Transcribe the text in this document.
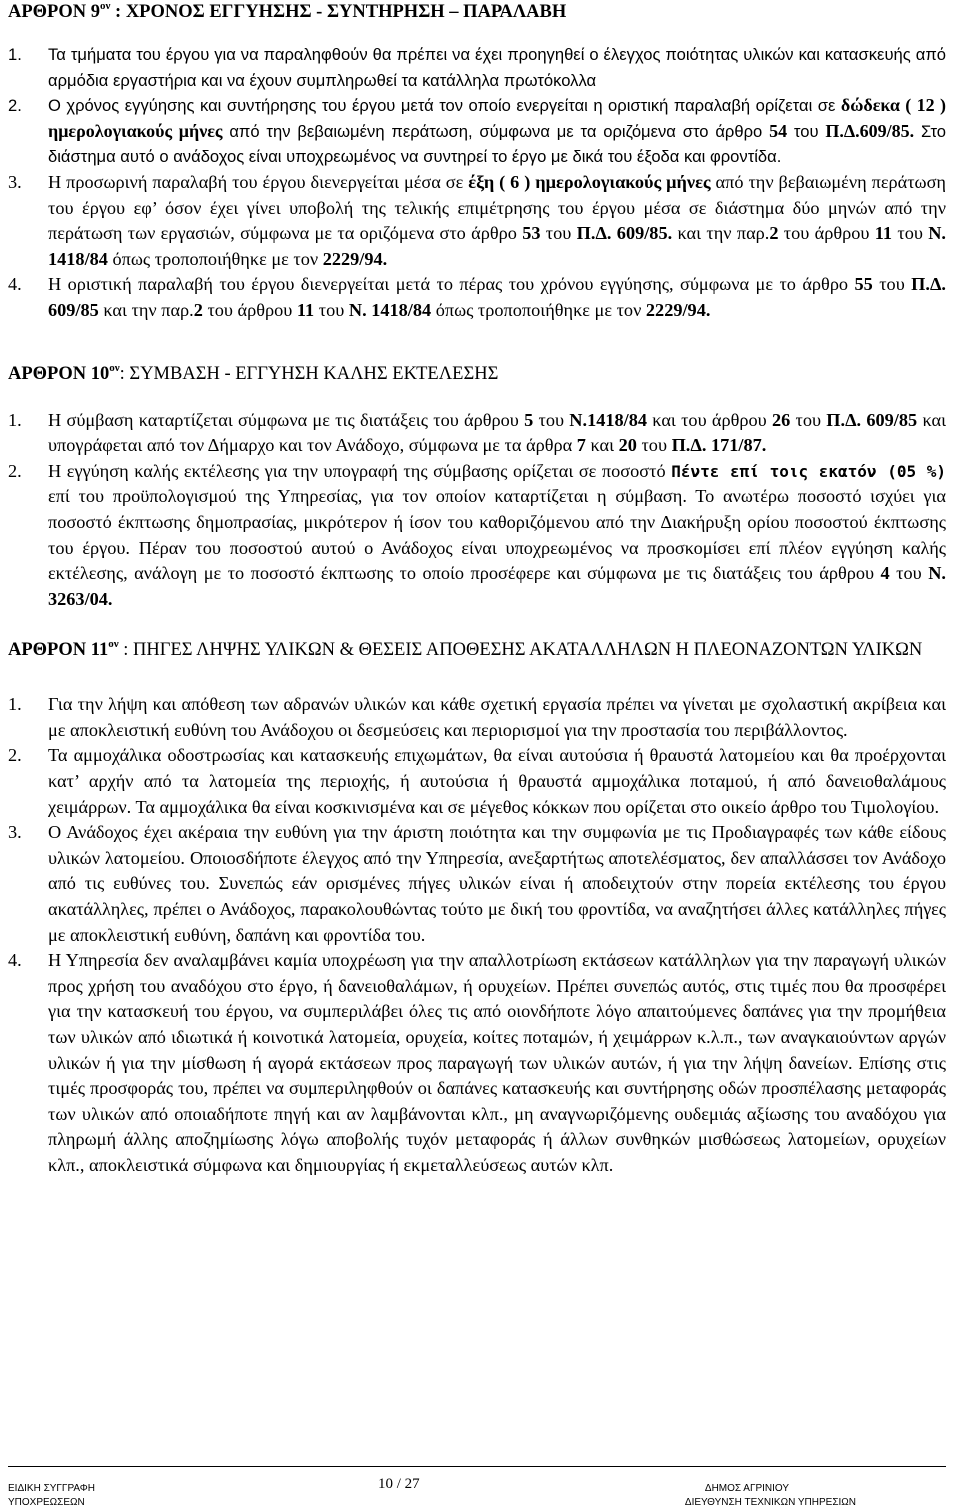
ΑΡΘΡΟΝ $9^{o\nu}$ : ΧΡΟΝΟΣ ΕΓΓΥΗΣΗΣ - ΣΥΝΤΗΡΗΣΗ – ΠΑΡΑΛΑΒΗ
1.	Τα τμήματα του έργου για να παραληφθούν θα πρέπει να έχει προηγηθεί ο έλεγχος ποιότητας υλικών και κατασκευής από αρμόδια εργαστήρια και να έχουν συμπληρωθεί τα κατάλληλα πρωτόκολλα
2.	Ο χρόνος εγγύησης και συντήρησης του έργου μετά τον οποίο ενεργείται η οριστική παραλαβή ορίζεται σε δώδεκα ( 12 ) ημερολογιακούς μήνες από την βεβαιωμένη περάτωση, σύμφωνα με τα οριζόμενα στο άρθρο 54 του Π.Δ.609/85. Στο διάστημα αυτό ο ανάδοχος είναι υποχρεωμένος να συντηρεί το έργο με δικά του έξοδα και φροντίδα.
3.	Η προσωρινή παραλαβή του έργου διενεργείται μέσα σε έξη ( 6 ) ημερολογιακούς μήνες από την βεβαιωμένη περάτωση του έργου εφ’ όσον έχει γίνει υποβολή της τελικής επιμέτρησης του έργου μέσα σε διάστημα δύο μηνών από την περάτωση των εργασιών, σύμφωνα με τα οριζόμενα στο άρθρο 53 του Π.Δ. 609/85. και την παρ.2 του άρθρου 11 του Ν. 1418/84 όπως τροποποιήθηκε με τον 2229/94.
4.	Η οριστική παραλαβή του έργου διενεργείται μετά το πέρας του χρόνου εγγύησης, σύμφωνα με το άρθρο 55 του Π.Δ. 609/85 και την παρ.2 του άρθρου 11 του Ν. 1418/84 όπως τροποποιήθηκε με τον 2229/94.
ΑΡΘΡΟΝ $10^{o\nu}$: ΣΥΜΒΑΣΗ - ΕΓΓΥΗΣΗ ΚΑΛΗΣ ΕΚΤΕΛΕΣΗΣ
1.	Η σύμβαση καταρτίζεται σύμφωνα με τις διατάξεις του άρθρου 5 του Ν.1418/84 και του άρθρου 26 του Π.Δ. 609/85 και υπογράφεται από τον Δήμαρχο και τον Ανάδοχο, σύμφωνα με τα άρθρα 7 και 20 του Π.Δ. 171/87.
2.	Η εγγύηση καλής εκτέλεσης για την υπογραφή της σύμβασης ορίζεται σε ποσοστό Πέντε επί τοις εκατόν (05 %) επί του προϋπολογισμού της Υπηρεσίας, για τον οποίον καταρτίζεται η σύμβαση. Το ανωτέρω ποσοστό ισχύει για ποσοστό έκπτωσης δημοπρασίας, μικρότερον ή ίσον του καθοριζόμενου από την Διακήρυξη ορίου ποσοστού έκπτωσης του έργου. Πέραν του ποσοστού αυτού ο Ανάδοχος είναι υποχρεωμένος να προσκομίσει επί πλέον εγγύηση καλής εκτέλεσης, ανάλογη με το ποσοστό έκπτωσης το οποίο προσέφερε και σύμφωνα με τις διατάξεις του άρθρου 4 του Ν. 3263/04.
ΑΡΘΡΟΝ $11^{o\nu}$ : ΠΗΓΕΣ ΛΗΨΗΣ ΥΛΙΚΩΝ & ΘΕΣΕΙΣ ΑΠΟΘΕΣΗΣ ΑΚΑΤΑΛΛΗΛΩΝ Η ΠΛΕΟΝΑΖΟΝΤΩΝ ΥΛΙΚΩΝ
1.	Για την λήψη και απόθεση των αδρανών υλικών και κάθε σχετική εργασία πρέπει να γίνεται με σχολαστική ακρίβεια και με αποκλειστική ευθύνη του Ανάδοχου οι δεσμεύσεις και περιορισμοί για την προστασία του περιβάλλοντος.
2.	Τα αμμοχάλικα οδοστρωσίας και κατασκευής επιχωμάτων, θα είναι αυτούσια ή θραυστά λατομείου και θα προέρχονται κατ’ αρχήν από τα λατομεία της περιοχής, ή αυτούσια ή θραυστά αμμοχάλικα ποταμού, ή από δανειοθαλάμους χειμάρρων. Τα αμμοχάλικα θα είναι κοσκινισμένα και σε μέγεθος κόκκων που ορίζεται στο οικείο άρθρο του Τιμολογίου.
3.	Ο Ανάδοχος έχει ακέραια την ευθύνη για την άριστη ποιότητα και την συμφωνία με τις Προδιαγραφές των κάθε είδους υλικών λατομείου. Οποιοσδήποτε έλεγχος από την Υπηρεσία, ανεξαρτήτως αποτελέσματος, δεν απαλλάσσει τον Ανάδοχο από τις ευθύνες του. Συνεπώς εάν ορισμένες πήγες υλικών είναι ή αποδειχτούν στην πορεία εκτέλεσης του έργου ακατάλληλες, πρέπει ο Ανάδοχος, παρακολουθώντας τούτο με δική του φροντίδα, να αναζητήσει άλλες κατάλληλες πήγες με αποκλειστική ευθύνη, δαπάνη και φροντίδα του.
4.	Η Υπηρεσία δεν αναλαμβάνει καμία υποχρέωση για την απαλλοτρίωση εκτάσεων κατάλληλων για την παραγωγή υλικών προς χρήση του αναδόχου στο έργο, ή δανειοθαλάμων, ή ορυχείων. Πρέπει συνεπώς αυτός, στις τιμές που θα προσφέρει για την κατασκευή του έργου, να συμπεριλάβει όλες τις από οιονδήποτε λόγο απαιτούμενες δαπάνες για την προμήθεια των υλικών από ιδιωτικά ή κοινοτικά λατομεία, ορυχεία, κοίτες ποταμών, ή χειμάρρων κ.λ.π., των αναγκαιούντων αργών υλικών ή για την μίσθωση ή αγορά εκτάσεων προς παραγωγή των υλικών αυτών, ή για την λήψη δανείων. Επίσης στις τιμές προσφοράς του, πρέπει να συμπεριληφθούν οι δαπάνες κατασκευής και συντήρησης οδών προσπέλασης μεταφοράς των υλικών από οποιαδήποτε πηγή και αν λαμβάνονται κλπ., μη αναγνωριζόμενης ουδεμιάς αξίωσης του αναδόχου για πληρωμή άλλης αποζημίωσης λόγω αποβολής τυχόν μεταφοράς ή άλλων συνθηκών μισθώσεως λατομείων, ορυχείων κλπ., αποκλειστικά σύμφωνα και δημιουργίας ή εκμεταλλεύσεως αυτών κλπ.
ΕΙΔΙΚΗ ΣΥΓΓΡΑΦΗ
ΥΠΟΧΡΕΩΣΕΩΝ
10 / 27	ΔΗΜΟΣ ΑΓΡΙΝΙΟΥ
ΔΙΕΥΘΥΝΣΗ ΤΕΧΝΙΚΩΝ ΥΠΗΡΕΣΙΩΝ
